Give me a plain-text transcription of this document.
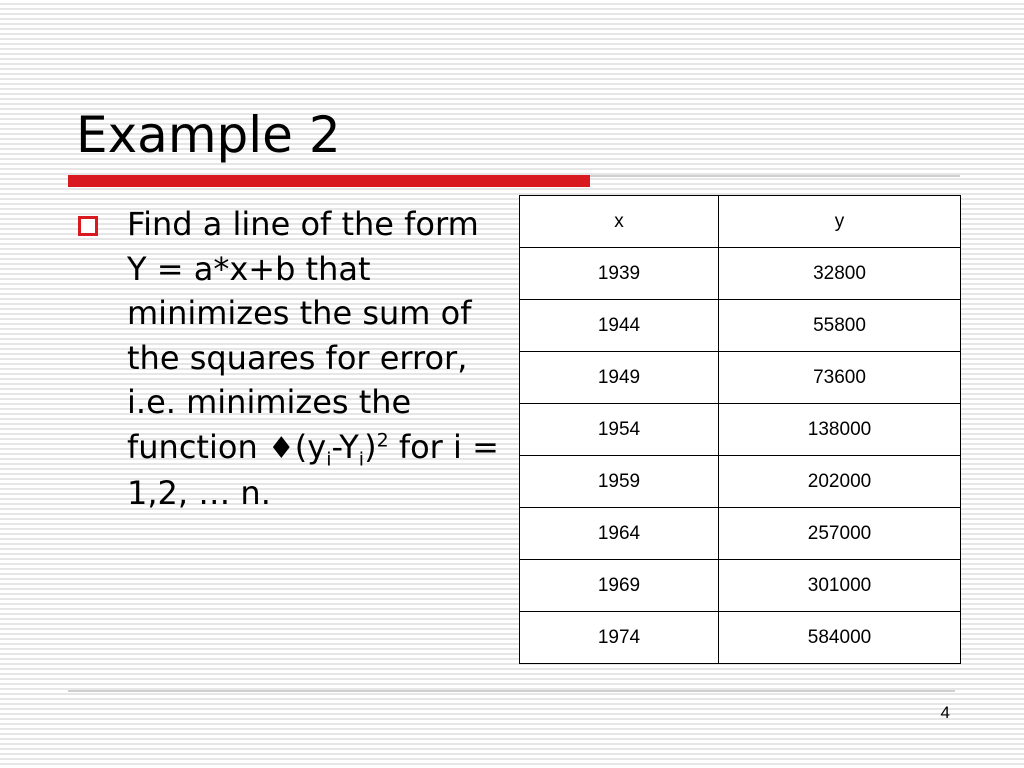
Example 2
Find a line of the form Y = a*x+b that minimizes the sum of the squares for error, i.e. minimizes the function $♦(y_i-Y_i)^2$ for i = 1,2, … n.
x	y
1939	32800
1944	55800
1949	73600
1954	138000
1959	202000
1964	257000
1969	301000
1974	584000
4
